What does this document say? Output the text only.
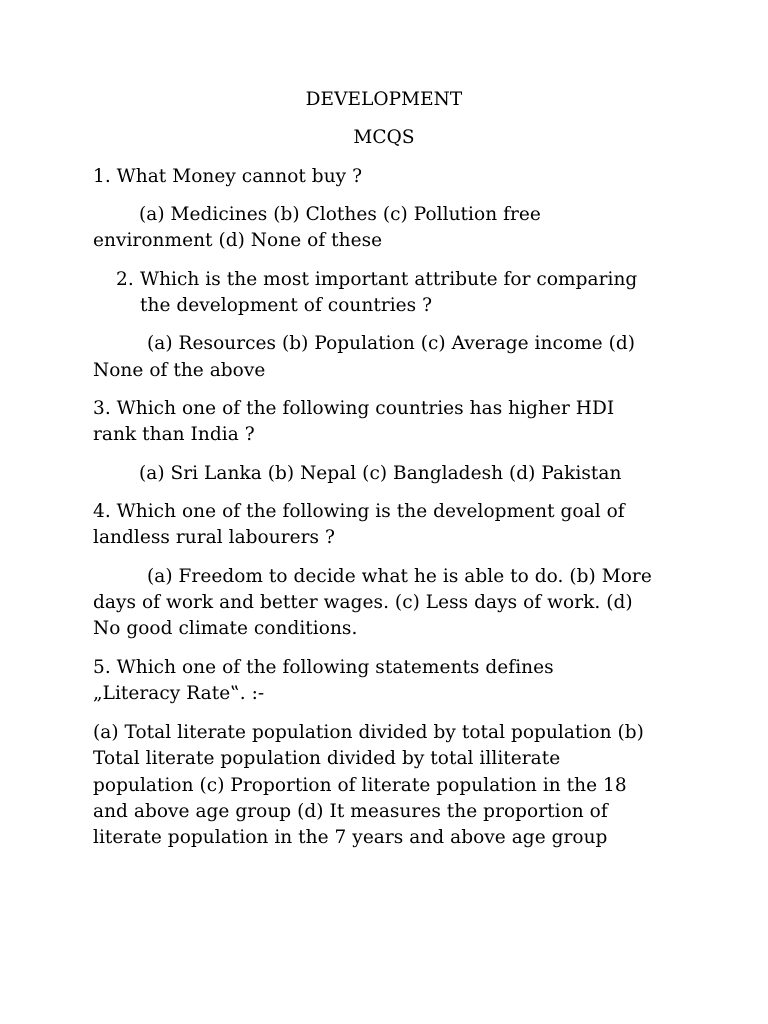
DEVELOPMENT
MCQS
1. What Money cannot buy ?
(a) Medicines (b) Clothes (c) Pollution free
environment (d) None of these
2. Which is the most important attribute for comparing
the development of countries ?
(a) Resources (b) Population (c) Average income (d)
None of the above
3. Which one of the following countries has higher HDI
rank than India ?
(a) Sri Lanka (b) Nepal (c) Bangladesh (d) Pakistan
4. Which one of the following is the development goal of
landless rural labourers ?
(a) Freedom to decide what he is able to do. (b) More
days of work and better wages. (c) Less days of work. (d)
No good climate conditions.
5. Which one of the following statements defines
„Literacy Rate‟. :-
(a) Total literate population divided by total population (b)
Total literate population divided by total illiterate
population (c) Proportion of literate population in the 18
and above age group (d) It measures the proportion of
literate population in the 7 years and above age group
